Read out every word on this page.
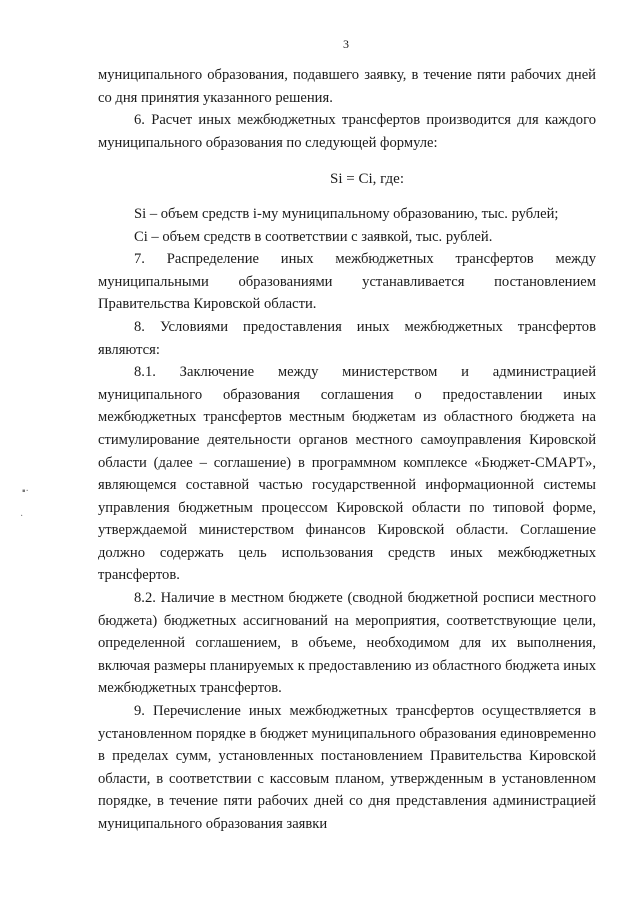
3
▪·
·

муниципального образования, подавшего заявку, в течение пяти рабочих дней со дня принятия указанного решения.

6. Расчет иных межбюджетных трансфертов производится для каждого муниципального образования по следующей формуле:

Si = Ci, где:

Si – объем средств i-му муниципальному образованию, тыс. рублей;

Ci – объем средств в соответствии с заявкой, тыс. рублей.

7. Распределение иных межбюджетных трансфертов между муниципальными образованиями устанавливается постановлением Правительства Кировской области.

8. Условиями предоставления иных межбюджетных трансфертов являются:

8.1. Заключение между министерством и администрацией муниципального образования соглашения о предоставлении иных межбюджетных трансфертов местным бюджетам из областного бюджета на стимулирование деятельности органов местного самоуправления Кировской области (далее – соглашение) в программном комплексе «Бюджет-СМАРТ», являющемся составной частью государственной информационной системы управления бюджетным процессом Кировской области по типовой форме, утверждаемой министерством финансов Кировской области. Соглашение должно содержать цель использования средств иных межбюджетных трансфертов.

8.2. Наличие в местном бюджете (сводной бюджетной росписи местного бюджета) бюджетных ассигнований на мероприятия, соответствующие цели, определенной соглашением, в объеме, необходимом для их выполнения, включая размеры планируемых к предоставлению из областного бюджета иных межбюджетных трансфертов.

9. Перечисление иных межбюджетных трансфертов осуществляется в установленном порядке в бюджет муниципального образования единовременно в пределах сумм, установленных постановлением Правительства Кировской области, в соответствии с кассовым планом, утвержденным в установленном порядке, в течение пяти рабочих дней со дня представления администрацией муниципального образования заявки
